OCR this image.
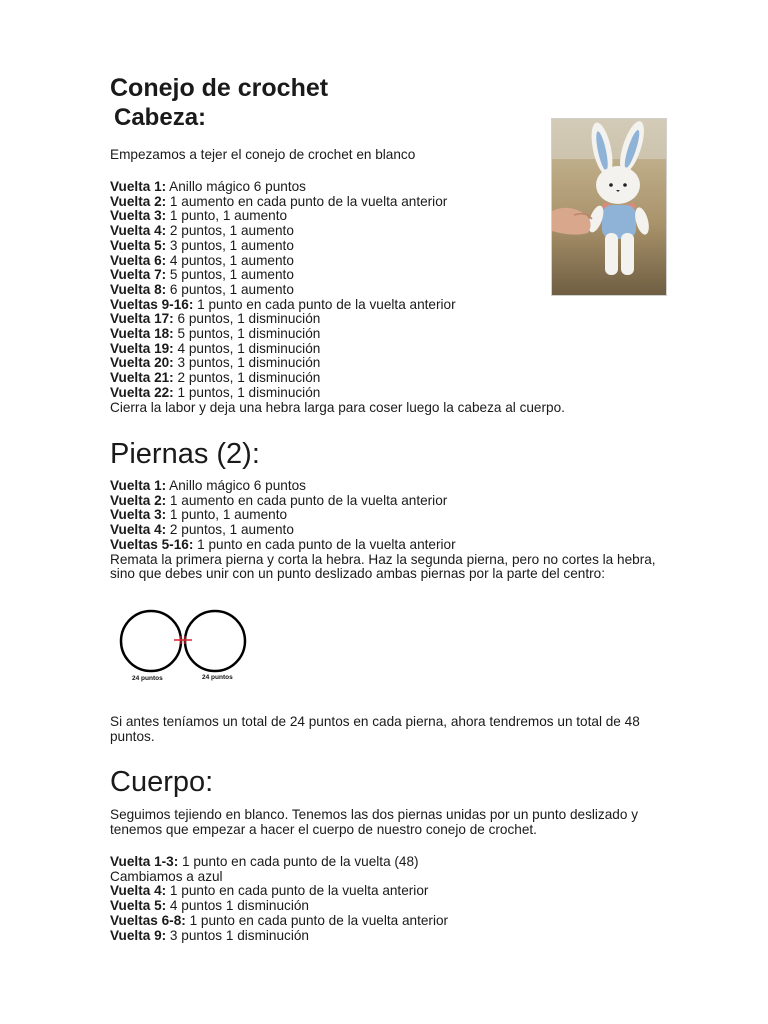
Conejo de crochet
Cabeza:
Empezamos a tejer el conejo de crochet en blanco

Vuelta 1: Anillo mágico 6 puntos

Vuelta 2: 1 aumento en cada punto de la vuelta anterior

Vuelta 3: 1 punto, 1 aumento

Vuelta 4: 2 puntos, 1 aumento

Vuelta 5: 3 puntos, 1 aumento

Vuelta 6: 4 puntos, 1 aumento

Vuelta 7: 5 puntos, 1 aumento

Vuelta 8: 6 puntos, 1 aumento

Vueltas 9-16: 1 punto en cada punto de la vuelta anterior

Vuelta 17: 6 puntos, 1 disminución

Vuelta 18: 5 puntos, 1 disminución

Vuelta 19: 4 puntos, 1 disminución

Vuelta 20: 3 puntos, 1 disminución

Vuelta 21: 2 puntos, 1 disminución

Vuelta 22: 1 puntos, 1 disminución

Cierra la labor y deja una hebra larga para coser luego la cabeza al cuerpo.

Piernas (2):

Vuelta 1: Anillo mágico 6 puntos

Vuelta 2: 1 aumento en cada punto de la vuelta anterior

Vuelta 3: 1 punto, 1 aumento

Vuelta 4: 2 puntos, 1 aumento

Vueltas 5-16: 1 punto en cada punto de la vuelta anterior

Remata la primera pierna y corta la hebra. Haz la segunda pierna, pero no cortes la hebra,

sino que debes unir con un punto deslizado ambas piernas por la parte del centro:

24 puntos	24 puntos

Si antes teníamos un total de 24 puntos en cada pierna, ahora tendremos un total de 48

puntos.

Cuerpo:

Seguimos tejiendo en blanco. Tenemos las dos piernas unidas por un punto deslizado y

tenemos que empezar a hacer el cuerpo de nuestro conejo de crochet.

Vuelta 1-3: 1 punto en cada punto de la vuelta (48)

Cambiamos a azul

Vuelta 4: 1 punto en cada punto de la vuelta anterior

Vuelta 5: 4 puntos 1 disminución

Vueltas 6-8: 1 punto en cada punto de la vuelta anterior

Vuelta 9: 3 puntos 1 disminución
